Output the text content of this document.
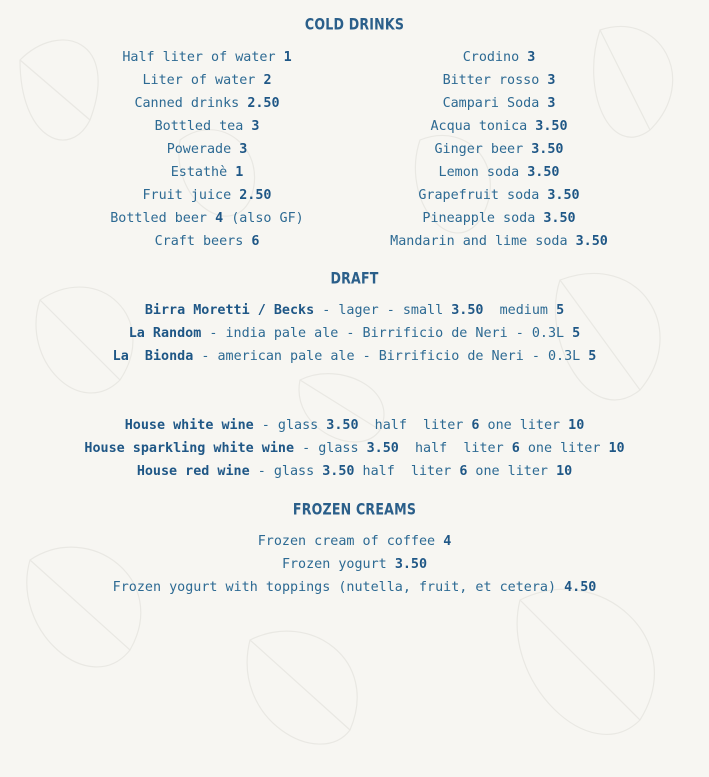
COLD DRINKS
Half liter of water 1
Liter of water 2
Canned drinks 2.50
Bottled tea 3
Powerade 3
Estathè 1
Fruit juice 2.50
Bottled beer 4 (also GF)
Craft beers 6
Crodino 3
Bitter rosso 3
Campari Soda 3
Acqua tonica 3.50
Ginger beer 3.50
Lemon soda 3.50
Grapefruit soda 3.50
Pineapple soda 3.50
Mandarin and lime soda 3.50
DRAFT
Birra Moretti / Becks - lager - small 3.50  medium 5
La Random - india pale ale - Birrificio de Neri - 0.3L 5
La  Bionda - american pale ale - Birrificio de Neri - 0.3L 5
House white wine - glass 3.50  half  liter 6 one liter 10
House sparkling white wine - glass 3.50  half  liter 6 one liter 10
House red wine - glass 3.50 half  liter 6 one liter 10
FROZEN CREAMS
Frozen cream of coffee 4
Frozen yogurt 3.50
Frozen yogurt with toppings (nutella, fruit, et cetera) 4.50
